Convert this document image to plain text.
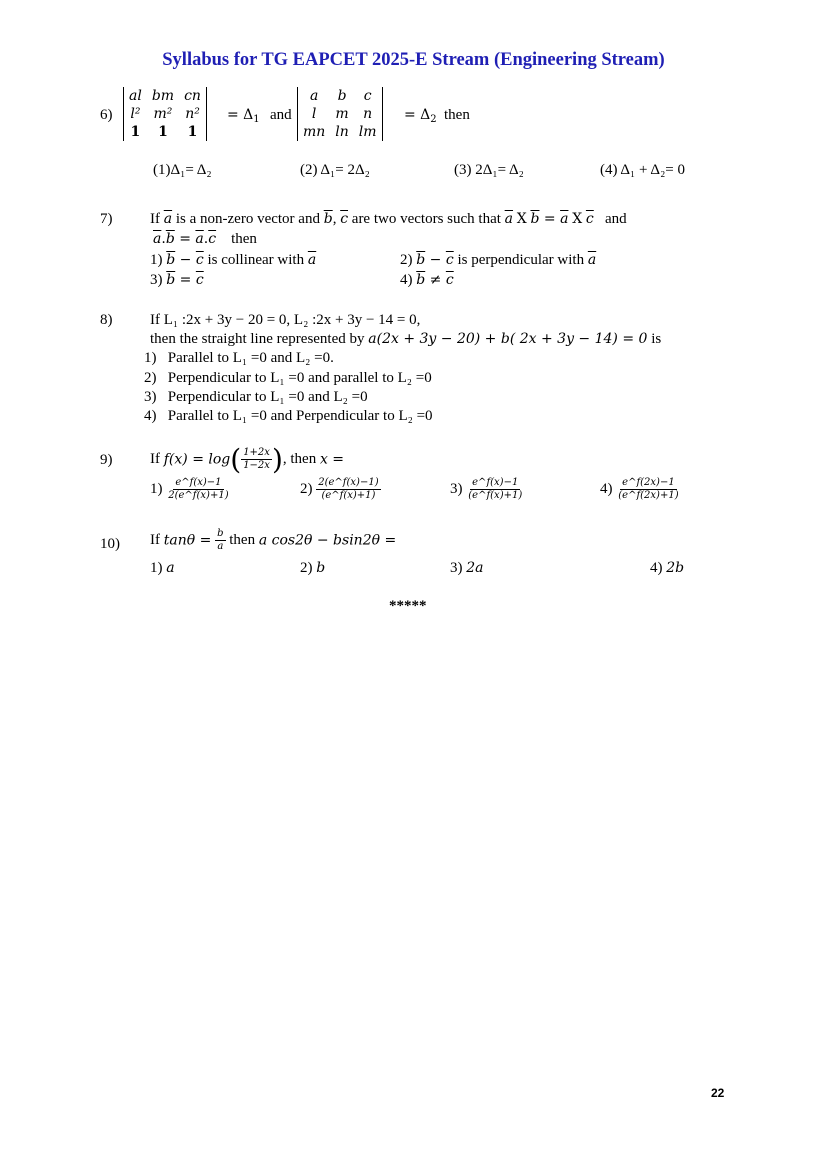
Syllabus for TG EAPCET 2025-E Stream (Engineering Stream)
6)
al	bm	cn
l²	m²	n²
1	1	1
= $\Delta_1$ and
a	b	c
l	m	n
mn	ln	lm
= $\Delta_2$ then
(1)Δ₁= Δ₂	(2) Δ₁= 2Δ₂	(3) 2Δ₁= Δ₂	(4) Δ₁ + Δ₂= 0
7)	If $\overline{a}$ is a non-zero vector and $\overline{b}$, $\overline{c}$ are two vectors such that $\overline{a}$ X $\overline{b} = \overline{a}$ X $\overline{c}$ and
$\overline{a}.\overline{b} = \overline{a}.\overline{c}$ then
1) $\overline{b} - \overline{c}$ is collinear with $\overline{a}$	2) $\overline{b} - \overline{c}$ is perpendicular with $\overline{a}$
3) $\overline{b} = \overline{c}$	4) $\overline{b} \ne \overline{c}$
8)	If L₁ :2x + 3y − 20 = 0, L₂ :2x + 3y − 14 = 0,
then the straight line represented by a(2x + 3y − 20) + b( 2x + 3y − 14) = 0 is
1) Parallel to L₁ =0 and L₂ =0.
2) Perpendicular to L₁ =0 and parallel to L₂ =0
3) Perpendicular to L₁ =0 and L₂ =0
4) Parallel to L₁ =0 and Perpendicular to L₂ =0
9)	If $f(x) = \log( \frac{1+2x}{1-2x}$ ), then x =
$1) \frac{e\^{}f(x)-1}{2(e\^{}f(x)+1)}$	$2) \frac{2(e\^{}f(x)-1)}{(e\^{}f(x)+1)}$	$3) \frac{e\^{}f(x)-1}{(e\^{}f(x)+1)}$	$4) \frac{e\^{}f(2x)-1}{(e\^{}f(2x)+1)}$
10) If $\tan\theta = \frac{b}{a}$ then a cos2θ − bsin2θ =
1) a	2) b	3) 2a	4) 2b
*****
22
